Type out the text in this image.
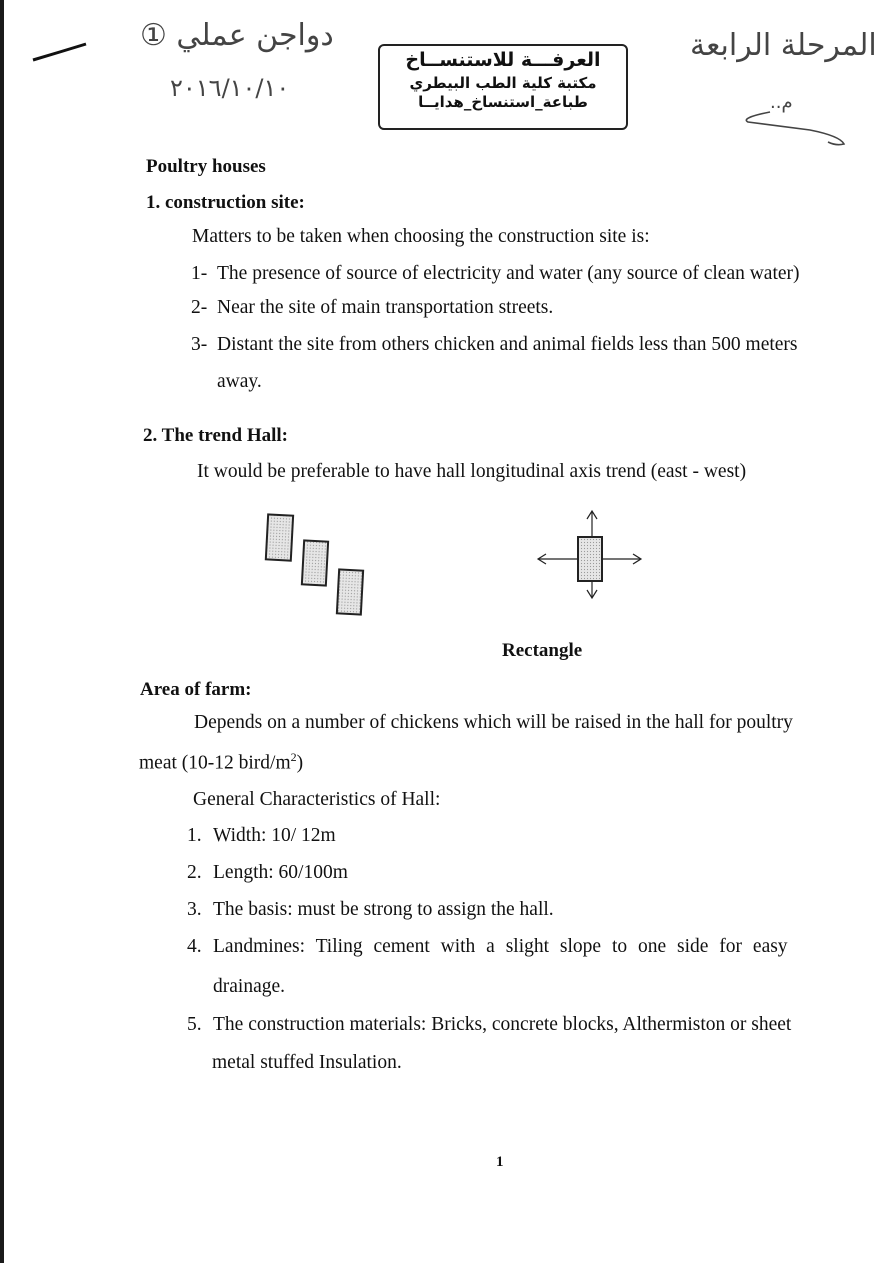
دواجن عملي ①
٢٠١٦/١٠/١٠
المرحلة الرابعة
م..
العرفـــة للاستنســاخ
مكتبة كلية الطب البيطري
طباعة_استنساخ_هدايــا
Poultry houses
1. construction site:
Matters to be taken when choosing the construction site is:
1- The presence of source of electricity and water (any source of clean water)
2- Near the site of main transportation streets.
3- Distant the site from others chicken and animal fields less than 500 meters
away.
2. The trend Hall:
It would be preferable to have hall longitudinal axis trend (east - west)
Rectangle
Area of farm:
Depends on a number of chickens which will be raised in the hall for poultry
meat (10-12 bird/$m^2$)
General Characteristics of Hall:
1. Width: 10/ 12m
2. Length: 60/100m
3. The basis: must be strong to assign the hall.
4. Landmines: Tiling cement with a slight slope to one side for easy
drainage.
5. The construction materials: Bricks, concrete blocks, Althermiston or sheet
metal stuffed Insulation.
1
